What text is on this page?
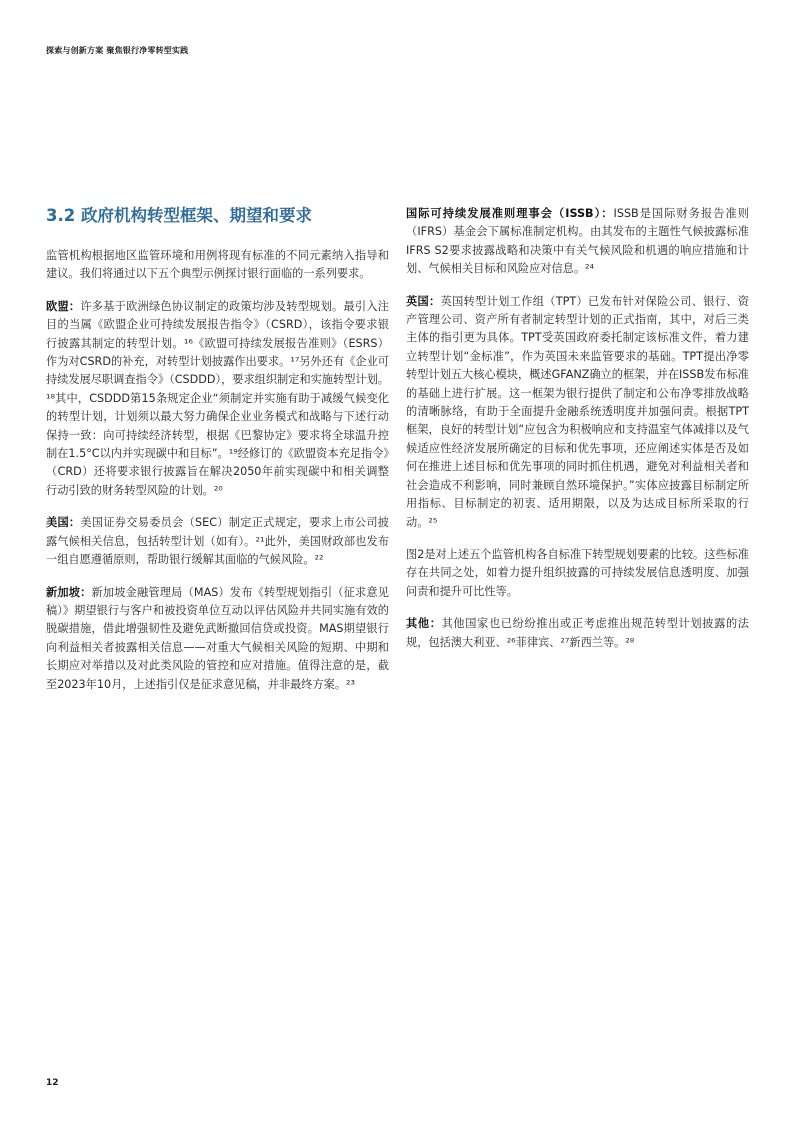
探索与创新方案 聚焦银行净零转型实践
3.2 政府机构转型框架、期望和要求

监管机构根据地区监管环境和用例将现有标准的不同元素纳入指导和建议。我们将通过以下五个典型示例探讨银行面临的一系列要求。

欧盟：许多基于欧洲绿色协议制定的政策均涉及转型规划。最引入注目的当属《欧盟企业可持续发展报告指令》（CSRD），该指令要求银行披露其制定的转型计划。¹⁶《欧盟可持续发展报告准则》（ESRS）作为对CSRD的补充，对转型计划披露作出要求。¹⁷另外还有《企业可持续发展尽职调查指令》（CSDDD），要求组织制定和实施转型计划。¹⁸其中，CSDDD第15条规定企业“须制定并实施有助于减缓气候变化的转型计划，计划须以最大努力确保企业业务模式和战略与下述行动保持一致：向可持续经济转型，根据《巴黎协定》要求将全球温升控制在1.5°C以内并实现碳中和目标”。¹⁹经修订的《欧盟资本充足指令》（CRD）还将要求银行披露旨在解决2050年前实现碳中和相关调整行动引致的财务转型风险的计划。²⁰

美国：美国证券交易委员会（SEC）制定正式规定，要求上市公司披露气候相关信息，包括转型计划（如有）。²¹此外，美国财政部也发布一组自愿遵循原则，帮助银行缓解其面临的气候风险。²²

新加坡：新加坡金融管理局（MAS）发布《转型规划指引（征求意见稿）》期望银行与客户和被投资单位互动以评估风险并共同实施有效的脱碳措施，借此增强韧性及避免武断撤回信贷或投资。MAS期望银行向利益相关者披露相关信息——对重大气候相关风险的短期、中期和长期应对举措以及对此类风险的管控和应对措施。值得注意的是，截至2023年10月，上述指引仅是征求意见稿，并非最终方案。²³

国际可持续发展准则理事会（ISSB）：ISSB是国际财务报告准则（IFRS）基金会下属标准制定机构。由其发布的主题性气候披露标准IFRS S2要求披露战略和决策中有关气候风险和机遇的响应措施和计划、气候相关目标和风险应对信息。²⁴

英国：英国转型计划工作组（TPT）已发布针对保险公司、银行、资产管理公司、资产所有者制定转型计划的正式指南，其中，对后三类主体的指引更为具体。TPT受英国政府委托制定该标准文件，着力建立转型计划“金标准”，作为英国未来监管要求的基础。TPT提出净零转型计划五大核心模块，概述GFANZ确立的框架，并在ISSB发布标准的基础上进行扩展。这一框架为银行提供了制定和公布净零排放战略的清晰脉络，有助于全面提升金融系统透明度并加强问责。根据TPT框架，良好的转型计划“应包含为积极响应和支持温室气体减排以及气候适应性经济发展所确定的目标和优先事项，还应阐述实体是否及如何在推进上述目标和优先事项的同时抓住机遇，避免对利益相关者和社会造成不利影响，同时兼顾自然环境保护。”实体应披露目标制定所用指标、目标制定的初衷、适用期限，以及为达成目标所采取的行动。²⁵

图2是对上述五个监管机构各自标准下转型规划要素的比较。这些标准存在共同之处，如着力提升组织披露的可持续发展信息透明度、加强问责和提升可比性等。

其他：其他国家也已纷纷推出或正考虑推出规范转型计划披露的法规，包括澳大利亚、²⁶菲律宾、²⁷新西兰等。²⁸

12
